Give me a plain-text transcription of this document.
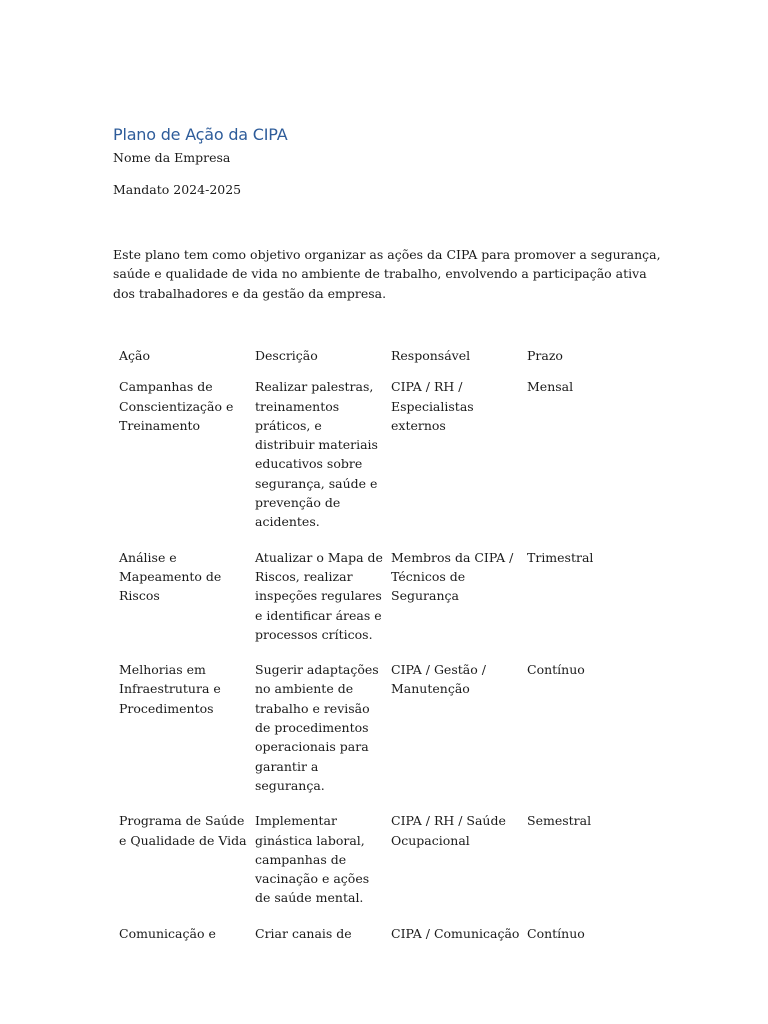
Plano de Ação da CIPA
Nome da Empresa
Mandato 2024-2025

Este plano tem como objetivo organizar as ações da CIPA para promover a segurança, saúde e qualidade de vida no ambiente de trabalho, envolvendo a participação ativa dos trabalhadores e da gestão da empresa.

Ação	Descrição	Responsável	Prazo
Campanhas de Conscientização e Treinamento	Realizar palestras, treinamentos práticos, e distribuir materiais educativos sobre segurança, saúde e prevenção de acidentes.	CIPA / RH / Especialistas externos	Mensal
Análise e Mapeamento de Riscos	Atualizar o Mapa de Riscos, realizar inspeções regulares e identificar áreas e processos críticos.	Membros da CIPA / Técnicos de Segurança	Trimestral
Melhorias em Infraestrutura e Procedimentos	Sugerir adaptações no ambiente de trabalho e revisão de procedimentos operacionais para garantir a segurança.	CIPA / Gestão / Manutenção	Contínuo
Programa de Saúde e Qualidade de Vida	Implementar ginástica laboral, campanhas de vacinação e ações de saúde mental.	CIPA / RH / Saúde Ocupacional	Semestral
Comunicação e	Criar canais de	CIPA / Comunicação	Contínuo
